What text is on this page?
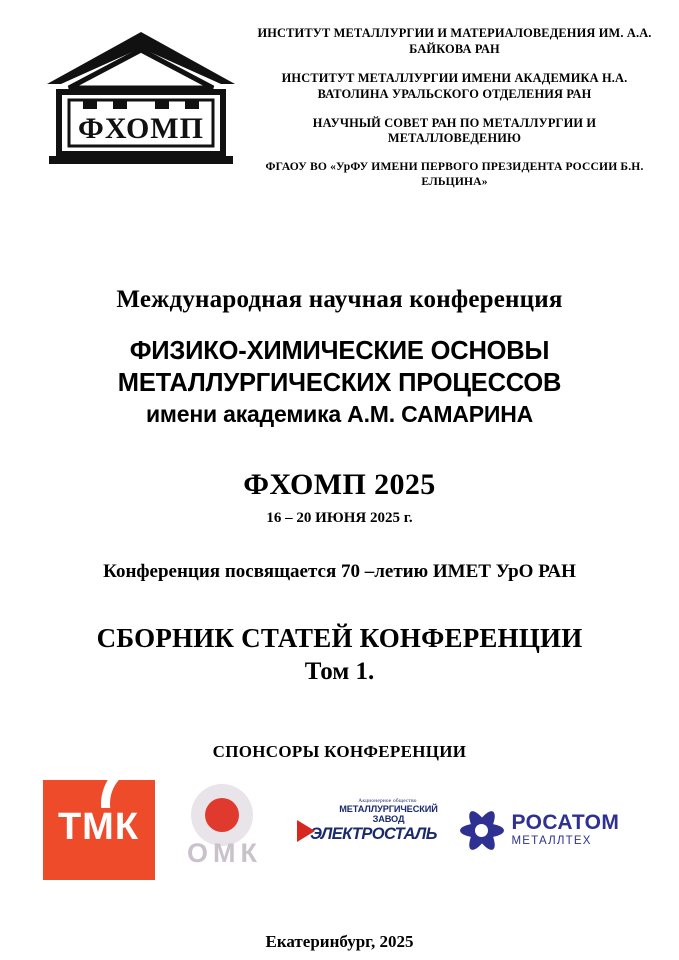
ФХОМП
ИНСТИТУТ МЕТАЛЛУРГИИ И МАТЕРИАЛОВЕДЕНИЯ ИМ. А.А. БАЙКОВА РАН
ИНСТИТУТ МЕТАЛЛУРГИИ ИМЕНИ АКАДЕМИКА Н.А. ВАТОЛИНА УРАЛЬСКОГО ОТДЕЛЕНИЯ РАН
НАУЧНЫЙ СОВЕТ РАН ПО МЕТАЛЛУРГИИ И МЕТАЛЛОВЕДЕНИЮ
ФГАОУ ВО «УрФУ ИМЕНИ ПЕРВОГО ПРЕЗИДЕНТА РОССИИ Б.Н. ЕЛЬЦИНА»
Международная научная конференция
ФИЗИКО-ХИМИЧЕСКИЕ ОСНОВЫ
МЕТАЛЛУРГИЧЕСКИХ ПРОЦЕССОВ
имени академика А.М. САМАРИНА
ФХОМП 2025
16 – 20 ИЮНЯ 2025 г.
Конференция посвящается 70 –летию ИМЕТ УрО РАН
СБОРНИК СТАТЕЙ КОНФЕРЕНЦИИ
Том 1.
СПОНСОРЫ КОНФЕРЕНЦИИ
ТМК
ОМК
Акционерное общество
МЕТАЛЛУРГИЧЕСКИЙ ЗАВОД
ЭЛЕКТРОСТАЛЬ	РОСАТОМ
МЕТАЛЛТЕХ
Екатеринбург, 2025
